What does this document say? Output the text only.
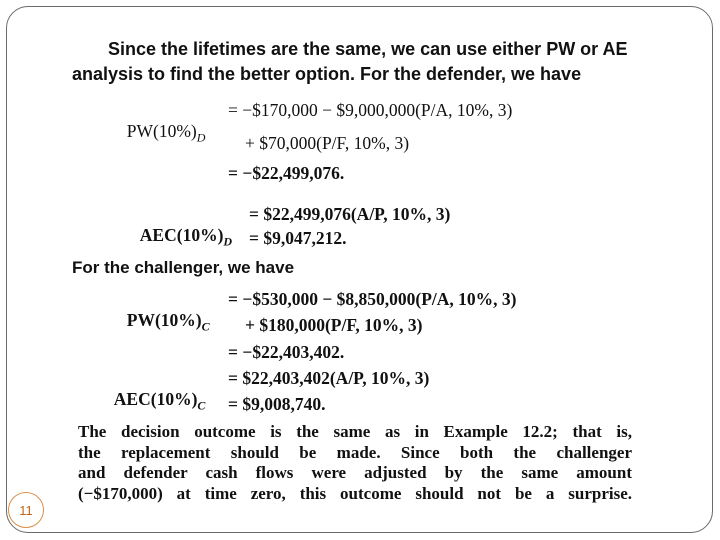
Since the lifetimes are the same, we can use either PW or AE
analysis to find the better option. For the defender, we have

$PW(10\%)_D$

= −$170,000 − $9,000,000(P/A, 10%, 3)
+ $70,000(P/F, 10%, 3)
= −$22,499,076.

$AEC(10\%)_D$

= $22,499,076(A/P, 10%, 3)
= $9,047,212.
For the challenger, we have

$PW(10\%)_C$

= −$530,000 − $8,850,000(P/A, 10%, 3)
+ $180,000(P/F, 10%, 3)
= −$22,403,402.

$AEC(10\%)_C$

= $22,403,402(A/P, 10%, 3)
= $9,008,740.
The decision outcome is the same as in Example 12.2; that is,
the replacement should be made. Since both the challenger
and defender cash flows were adjusted by the same amount
(−$170,000) at time zero, this outcome should not be a surprise.
11
